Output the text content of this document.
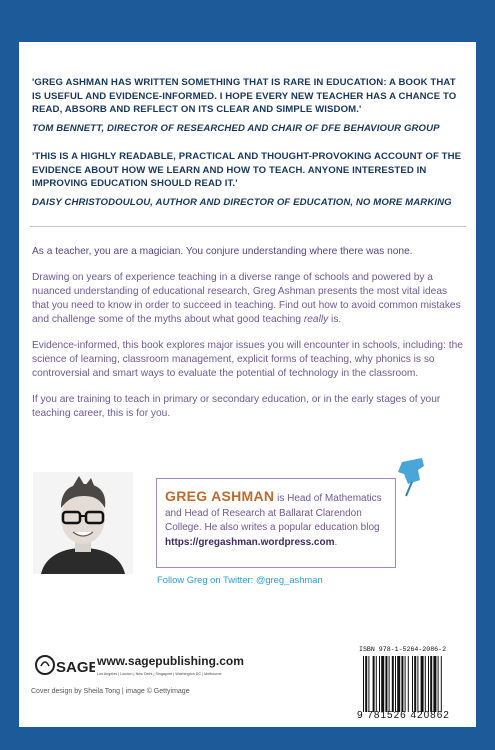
'GREG ASHMAN HAS WRITTEN SOMETHING THAT IS RARE IN EDUCATION: A BOOK THAT IS USEFUL AND EVIDENCE-INFORMED. I HOPE EVERY NEW TEACHER HAS A CHANCE TO READ, ABSORB AND REFLECT ON ITS CLEAR AND SIMPLE WISDOM.'

TOM BENNETT, DIRECTOR OF RESEARCHED AND CHAIR OF DFE BEHAVIOUR GROUP

'THIS IS A HIGHLY READABLE, PRACTICAL AND THOUGHT-PROVOKING ACCOUNT OF THE EVIDENCE ABOUT HOW WE LEARN AND HOW TO TEACH. ANYONE INTERESTED IN IMPROVING EDUCATION SHOULD READ IT.'

DAISY CHRISTODOULOU, AUTHOR AND DIRECTOR OF EDUCATION, NO MORE MARKING

As a teacher, you are a magician. You conjure understanding where there was none.

Drawing on years of experience teaching in a diverse range of schools and powered by a nuanced understanding of educational research, Greg Ashman presents the most vital ideas that you need to know in order to succeed in teaching. Find out how to avoid common mistakes and challenge some of the myths about what good teaching really is.

Evidence-informed, this book explores major issues you will encounter in schools, including: the science of learning, classroom management, explicit forms of teaching, why phonics is so controversial and smart ways to evaluate the potential of technology in the classroom.

If you are training to teach in primary or secondary education, or in the early stages of your teaching career, this is for you.

GREG ASHMAN is Head of Mathematics and Head of Research at Ballarat Clarendon College. He also writes a popular education blog https://gregashman.wordpress.com.
Follow Greg on Twitter: @greg_ashman
SAGE
www.sagepublishing.com
Los Angeles | London | New Delhi | Singapore | Washington DC | Melbourne
Cover design by Sheila Tong | image © Gettyimage
ISBN 978-1-5264-2086-2
9 781526 420862
